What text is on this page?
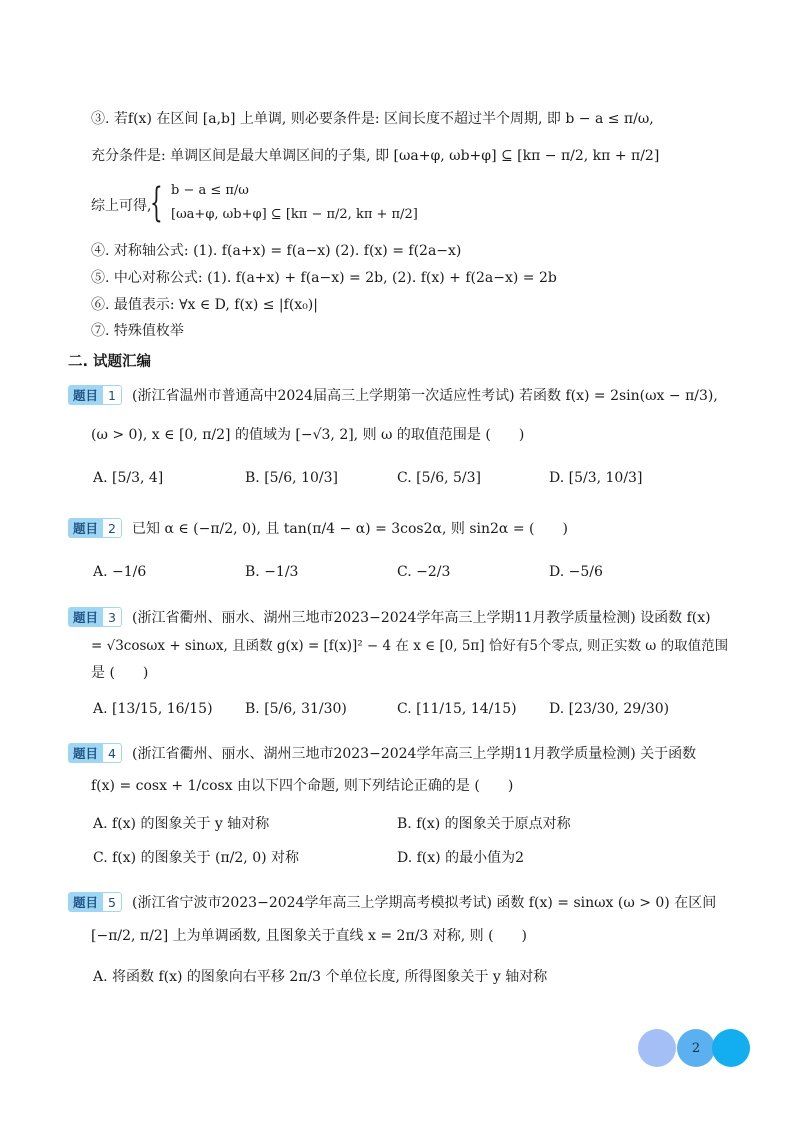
③. 若f(x) 在区间 [a,b] 上单调, 则必要条件是: 区间长度不超过半个周期, 即 b − a ≤ π/ω,
充分条件是: 单调区间是最大单调区间的子集, 即 [ωa+φ, ωb+φ] ⊆ [kπ − π/2, kπ + π/2]
综上可得,
{ b − a ≤ π/ω
[ωa+φ, ωb+φ] ⊆ [kπ − π/2, kπ + π/2]
④. 对称轴公式: (1). f(a+x) = f(a−x) (2). f(x) = f(2a−x)
⑤. 中心对称公式: (1). f(a+x) + f(a−x) = 2b, (2). f(x) + f(2a−x) = 2b
⑥. 最值表示: ∀x ∈ D, f(x) ≤ |f(x₀)|
⑦. 特殊值枚举
二. 试题汇编
题目 1	(浙江省温州市普通高中2024届高三上学期第一次适应性考试) 若函数 f(x) = 2sin(ωx − π/3),
(ω > 0), x ∈ [0, π/2] 的值域为 [−√3, 2], 则 ω 的取值范围是 (　　)
A. [5/3, 4]	B. [5/6, 10/3]	C. [5/6, 5/3]	D. [5/3, 10/3]
题目 2	已知 α ∈ (−π/2, 0), 且 tan(π/4 − α) = 3cos2α, 则 sin2α = (　　)
A. −1/6	B. −1/3	C. −2/3	D. −5/6
题目 3	(浙江省衢州、丽水、湖州三地市2023−2024学年高三上学期11月教学质量检测) 设函数 f(x)
= √3cosωx + sinωx, 且函数 g(x) = [f(x)]² − 4 在 x ∈ [0, 5π] 恰好有5个零点, 则正实数 ω 的取值范围
是 (　　)
A. [13/15, 16/15) B. [5/6, 31/30)	C. [11/15, 14/15) D. [23/30, 29/30)
题目 4	(浙江省衢州、丽水、湖州三地市2023−2024学年高三上学期11月教学质量检测) 关于函数
f(x) = cosx + 1/cosx 由以下四个命题, 则下列结论正确的是 (　　)
A. f(x) 的图象关于 y 轴对称	B. f(x) 的图象关于原点对称
C. f(x) 的图象关于 (π/2, 0) 对称	D. f(x) 的最小值为2
题目 5	(浙江省宁波市2023−2024学年高三上学期高考模拟考试) 函数 f(x) = sinωx (ω > 0) 在区间
[−π/2, π/2] 上为单调函数, 且图象关于直线 x = 2π/3 对称, 则 (　　)
A. 将函数 f(x) 的图象向右平移 2π/3 个单位长度, 所得图象关于 y 轴对称
2
